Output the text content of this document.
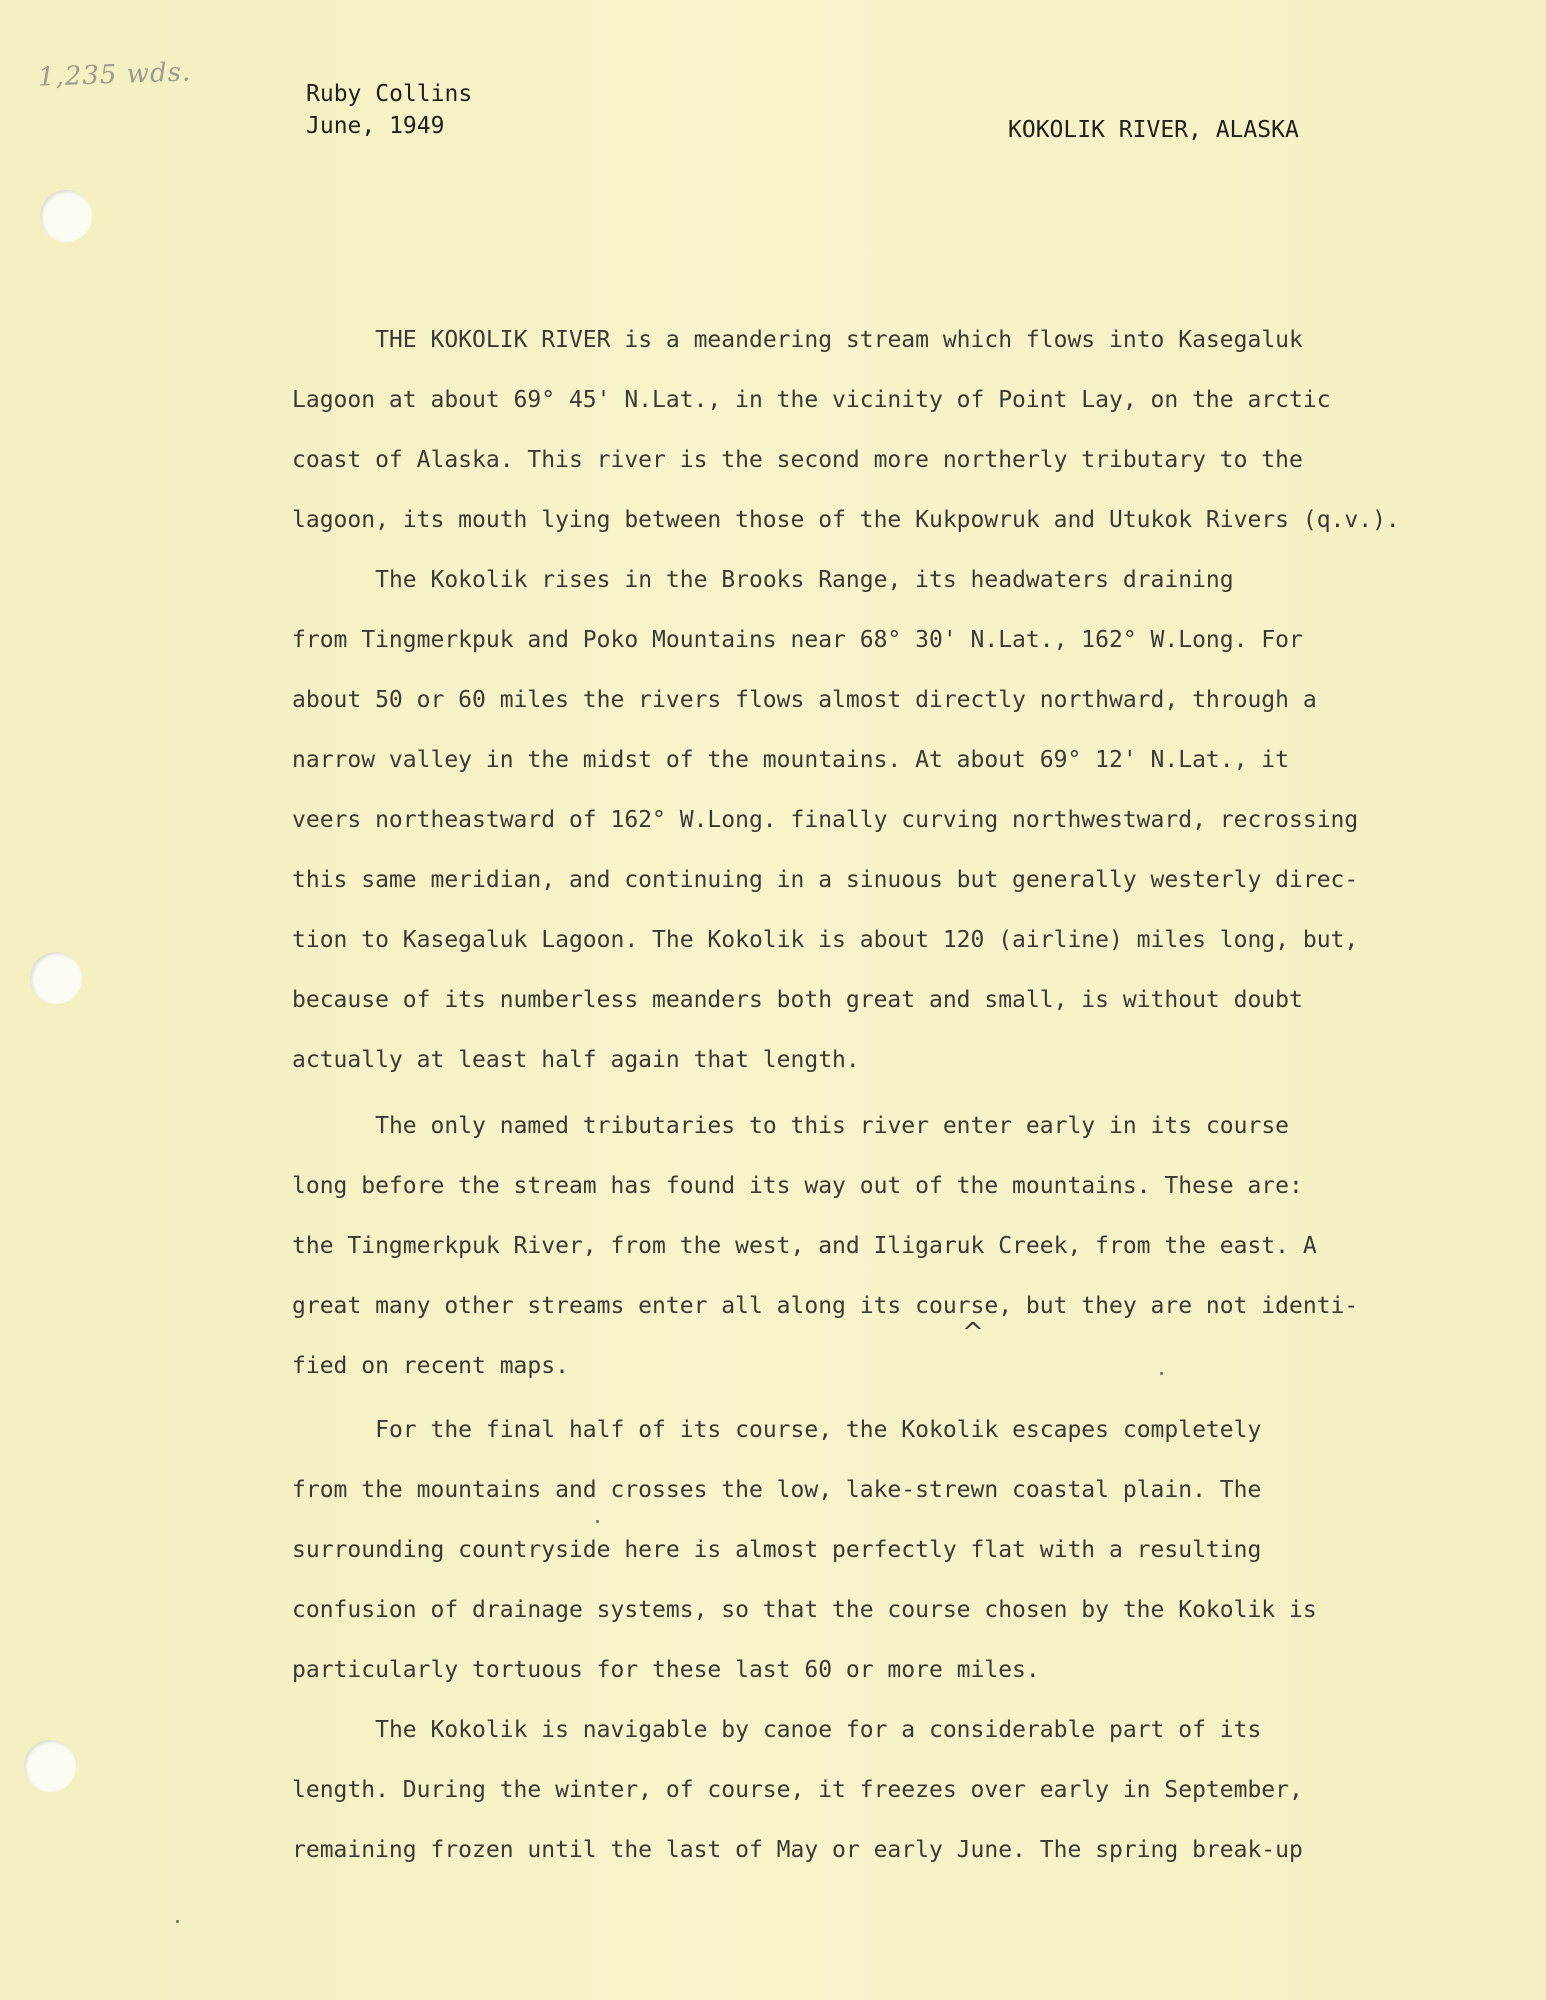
1,235 wds.
Ruby Collins
June, 1949	KOKOLIK RIVER, ALASKA

THE KOKOLIK RIVER is a meandering stream which flows into Kasegaluk
Lagoon at about 69° 45' N.Lat., in the vicinity of Point Lay, on the arctic
coast of Alaska. This river is the second more northerly tributary to the
lagoon, its mouth lying between those of the Kukpowruk and Utukok Rivers (q.v.).

The Kokolik rises in the Brooks Range, its headwaters draining
from Tingmerkpuk and Poko Mountains near 68° 30' N.Lat., 162° W.Long. For
about 50 or 60 miles the rivers flows almost directly northward, through a
narrow valley in the midst of the mountains. At about 69° 12' N.Lat., it
veers northeastward of 162° W.Long. finally curving northwestward, recrossing
this same meridian, and continuing in a sinuous but generally westerly direc-
tion to Kasegaluk Lagoon. The Kokolik is about 120 (airline) miles long, but,
because of its numberless meanders both great and small, is without doubt
actually at least half again that length.

The only named tributaries to this river enter early in its course
long before the stream has found its way out of the mountains. These are:
the Tingmerkpuk River, from the west, and Iligaruk Creek, from the east. A
great many other streams enter all along its course, but they are not identi-
fied on recent maps.

For the final half of its course, the Kokolik escapes completely
from the mountains and crosses the low, lake-strewn coastal plain. The
surrounding countryside here is almost perfectly flat with a resulting
confusion of drainage systems, so that the course chosen by the Kokolik is
particularly tortuous for these last 60 or more miles.

The Kokolik is navigable by canoe for a considerable part of its
length. During the winter, of course, it freezes over early in September,
remaining frozen until the last of May or early June. The spring break-up

^
